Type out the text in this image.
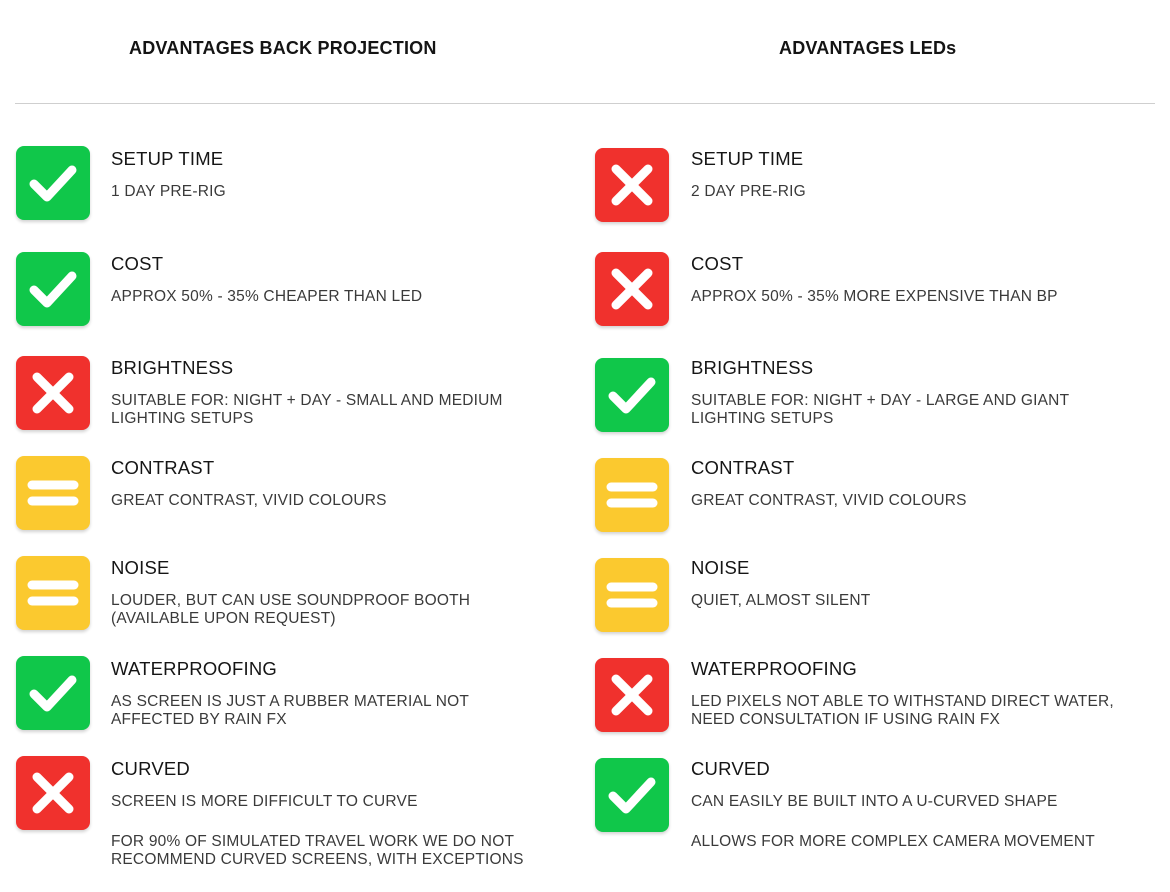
ADVANTAGES BACK PROJECTION	ADVANTAGES LEDs
SETUP TIME
1 DAY PRE-RIG
COST
APPROX 50% - 35% CHEAPER THAN LED
BRIGHTNESS
SUITABLE FOR: NIGHT + DAY - SMALL AND MEDIUM
LIGHTING SETUPS
CONTRAST
GREAT CONTRAST, VIVID COLOURS
NOISE
LOUDER, BUT CAN USE SOUNDPROOF BOOTH
(AVAILABLE UPON REQUEST)
WATERPROOFING
AS SCREEN IS JUST A RUBBER MATERIAL NOT
AFFECTED BY RAIN FX
CURVED
SCREEN IS MORE DIFFICULT TO CURVE
FOR 90% OF SIMULATED TRAVEL WORK WE DO NOT
RECOMMEND CURVED SCREENS, WITH EXCEPTIONS
SETUP TIME
2 DAY PRE-RIG
COST
APPROX 50% - 35% MORE EXPENSIVE THAN BP
BRIGHTNESS
SUITABLE FOR: NIGHT + DAY - LARGE AND GIANT
LIGHTING SETUPS
CONTRAST
GREAT CONTRAST, VIVID COLOURS
NOISE
QUIET, ALMOST SILENT
WATERPROOFING
LED PIXELS NOT ABLE TO WITHSTAND DIRECT WATER,
NEED CONSULTATION IF USING RAIN FX
CURVED
CAN EASILY BE BUILT INTO A U-CURVED SHAPE
ALLOWS FOR MORE COMPLEX CAMERA MOVEMENT
